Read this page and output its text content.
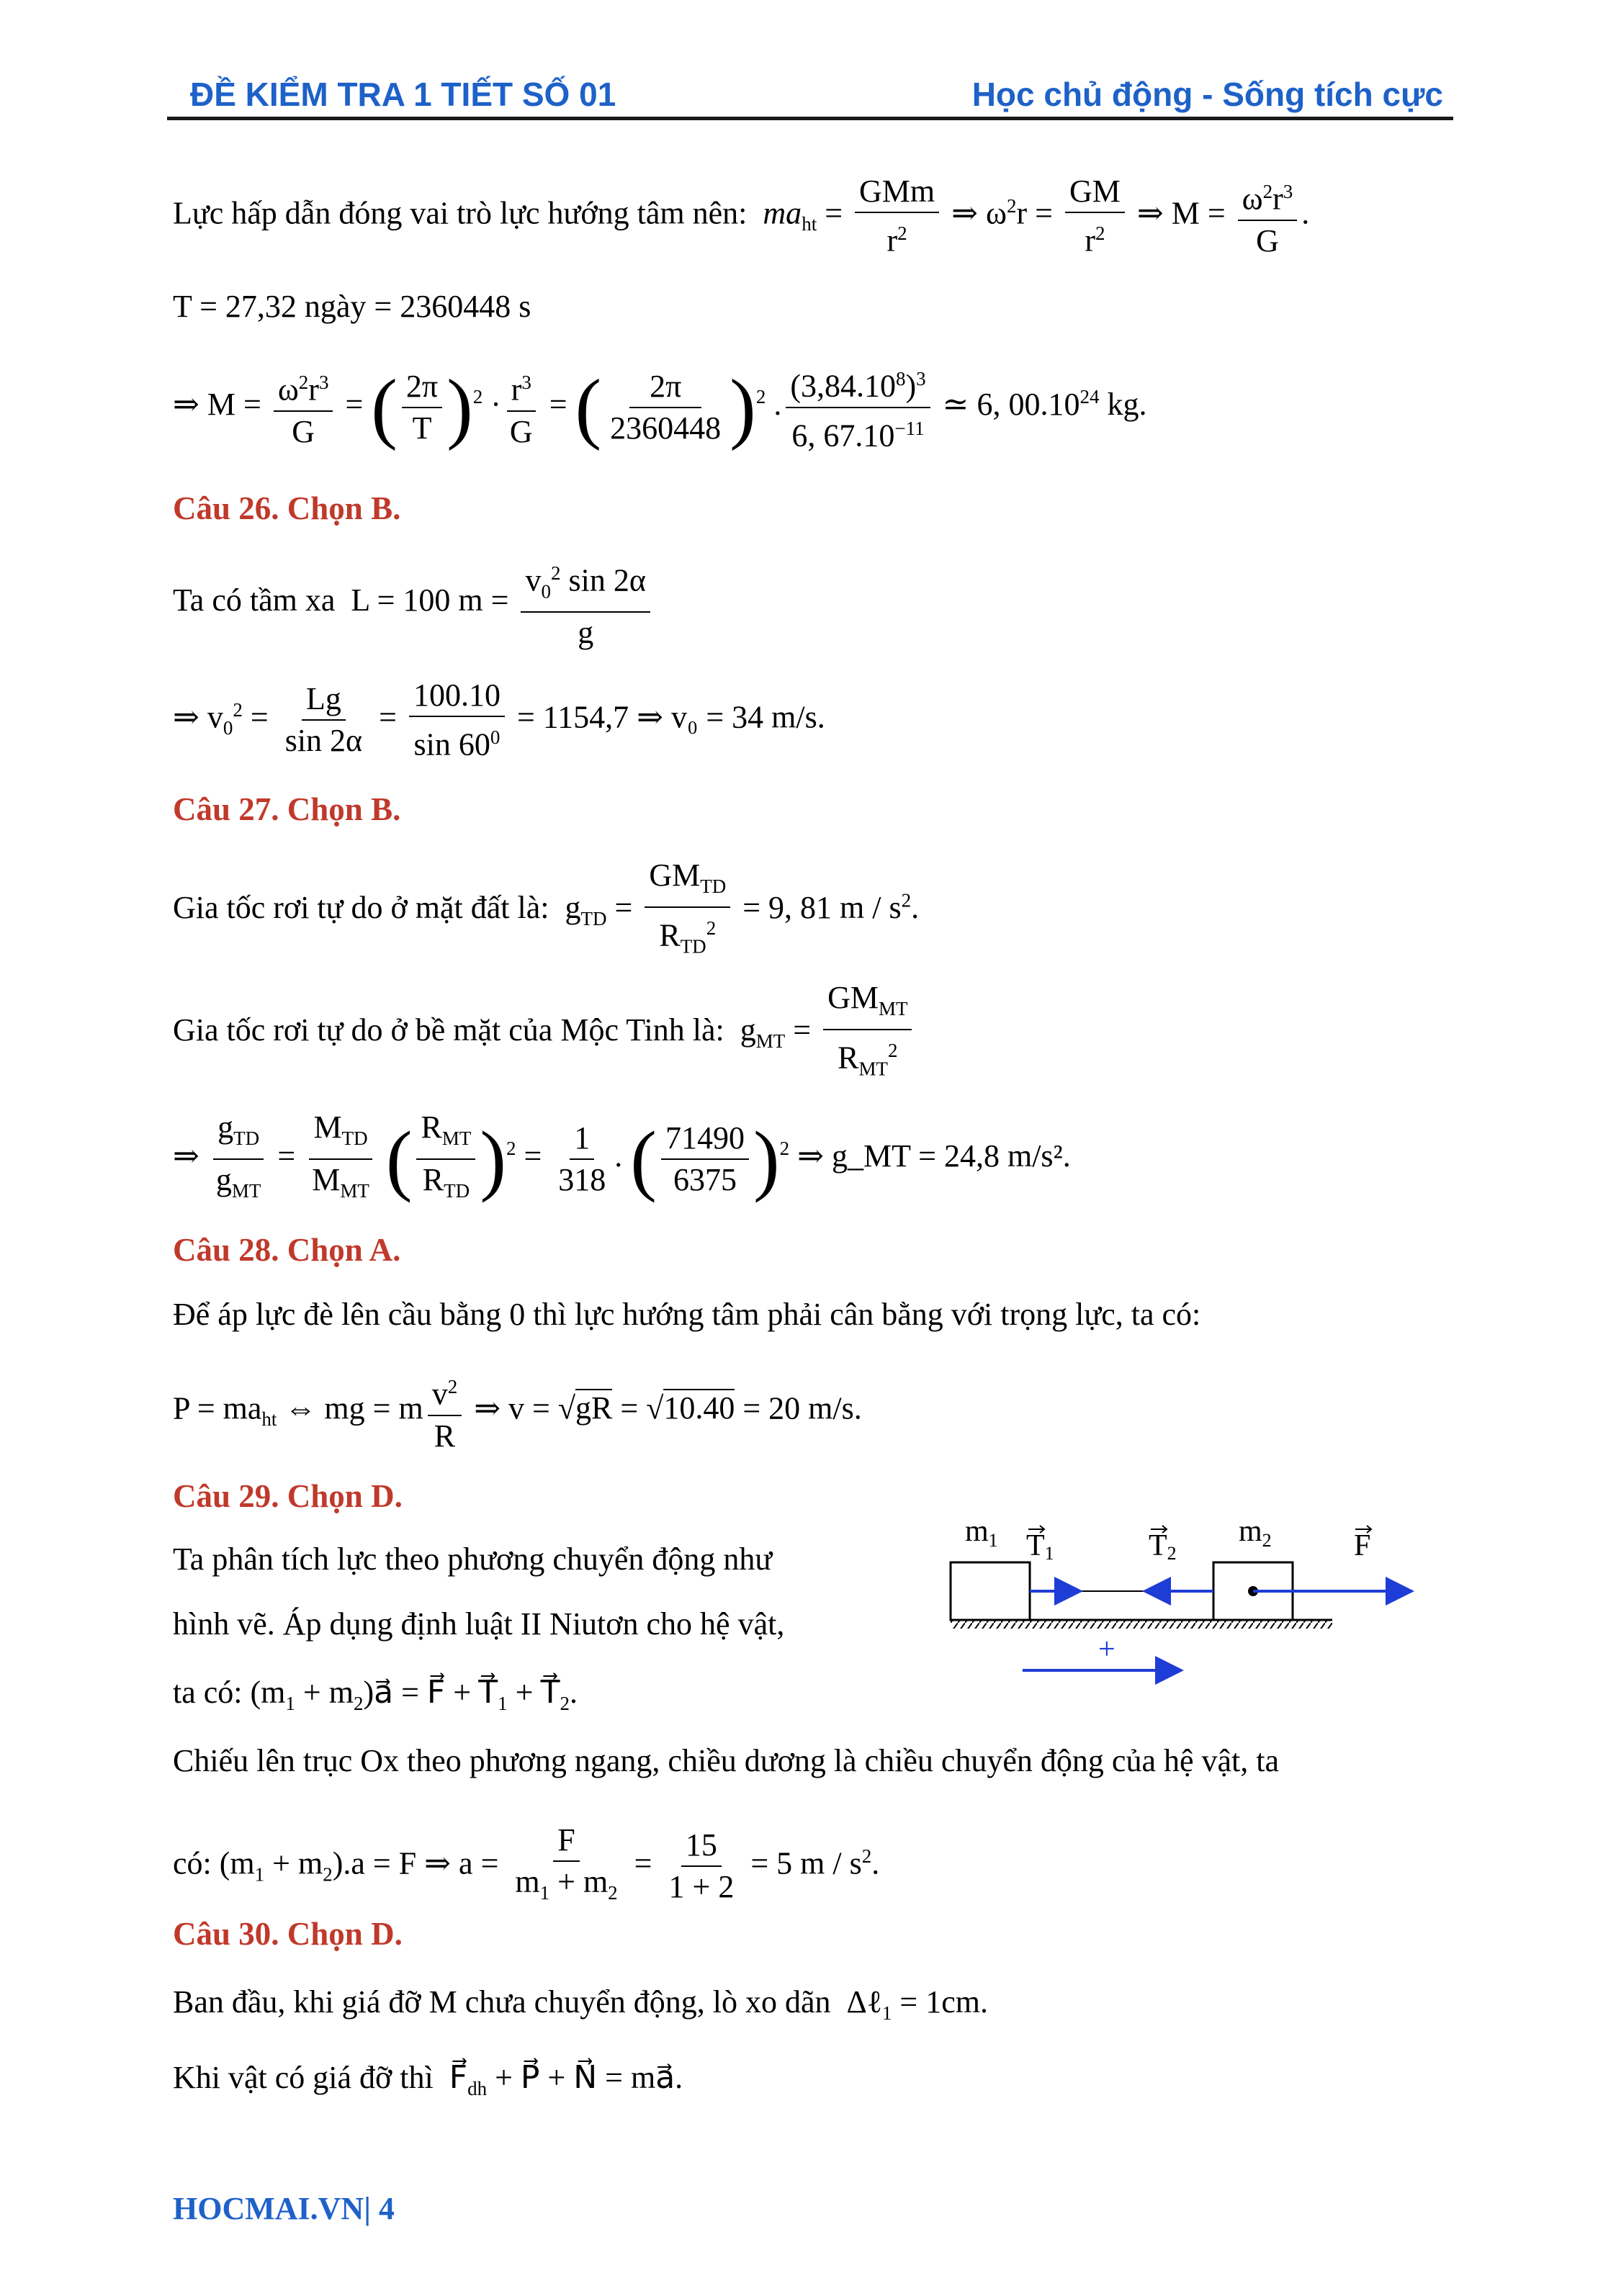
ĐỀ KIỂM TRA 1 TIẾT SỐ 01	Học chủ động - Sống tích cực
Lực hấp dẫn đóng vai trò lực hướng tâm nên: $ma_{ht} = \frac{\text{GMm}}{r^2}$ ⇒ $\omega^2r = \frac{GM}{r^2}$ ⇒ $M = \frac{\omega^2r^3}{G}$ .
T = 27,32 ngày = 2360448 s
⇒ $M = \frac{\omega^2r^3}{G}$ = ( $\frac{2\pi}{T} )^2 \cdot \frac{r^3}{G}$ = ( $\frac{2\pi}{2360448} )^2$ . $\frac{(3,84.10^8)^3}{6, 67.10^{-11}}$ ≃ 6, 00.10$^{24}$ kg.
Câu 26. Chọn B.
Ta có tầm xa  L = 100 $m = \frac{v_0^2 \sin 2\alpha}{g}$
⇒ $v_0^2 = \frac{Lg}{\sin 2\alpha} = \frac{100.10}{\sin 60^0} = 1154,7$ ⇒ v₀ = 34 m/s.
Câu 27. Chọn B.
Gia tốc rơi tự do ở mặt đất là:  $g_{TD} = \frac{GM_{TD}}{R_{TD}^2} = 9$, 81 m / $s^2$.
Gia tốc rơi tự do ở bề mặt của Mộc Tinh là:  $g_{MT} = \frac{GM_{MT}}{R_{MT}^2}$
⇒ $\frac{g_{TD}}{g_{MT}} = \frac{M_{TD}}{M_{MT}}$ ( $\frac{R_{MT}}{R_{TD}} )^2 = \frac{1}{318}$ . ( $\frac{71490}{6375} )^2$ ⇒ g_MT = 24,8 m/s².
Câu 28. Chọn A.
Để áp lực đè lên cầu bằng 0 thì lực hướng tâm phải cân bằng với trọng lực, ta có:
$P = ma_{ht}$ ⇔ mg = m $\frac{v^2}{R}$ ⇒ v = √gR = √10.40 = 20 m/s.
Câu 29. Chọn D.
Ta phân tích lực theo phương chuyển động như
hình vẽ. Áp dụng định luật II Niutơn cho hệ vật,
ta có: ($m_1$ + $m_2)a⃗$ = F⃗ + $T⃗_1$ + $T⃗_2$.
Chiếu lên trục Ox theo phương ngang, chiều dương là chiều chuyển động của hệ vật, ta
có: $(m_1 + m_2).a = F$ ⇒ $a = \frac{F}{m_1 + m_2} = \frac{15}{1 + 2} = 5$ m / $s^2$.
+
m1	m2
T1	T2	F
Câu 30. Chọn D.
Ban đầu, khi giá đỡ M chưa chuyển động, lò xo dãn  Δℓ$_1$ = 1cm.
Khi vật có giá đỡ thì  $F⃗_{dh}$ + P⃗ + N⃗ = ma⃗.
HOCMAI.VN| 4
